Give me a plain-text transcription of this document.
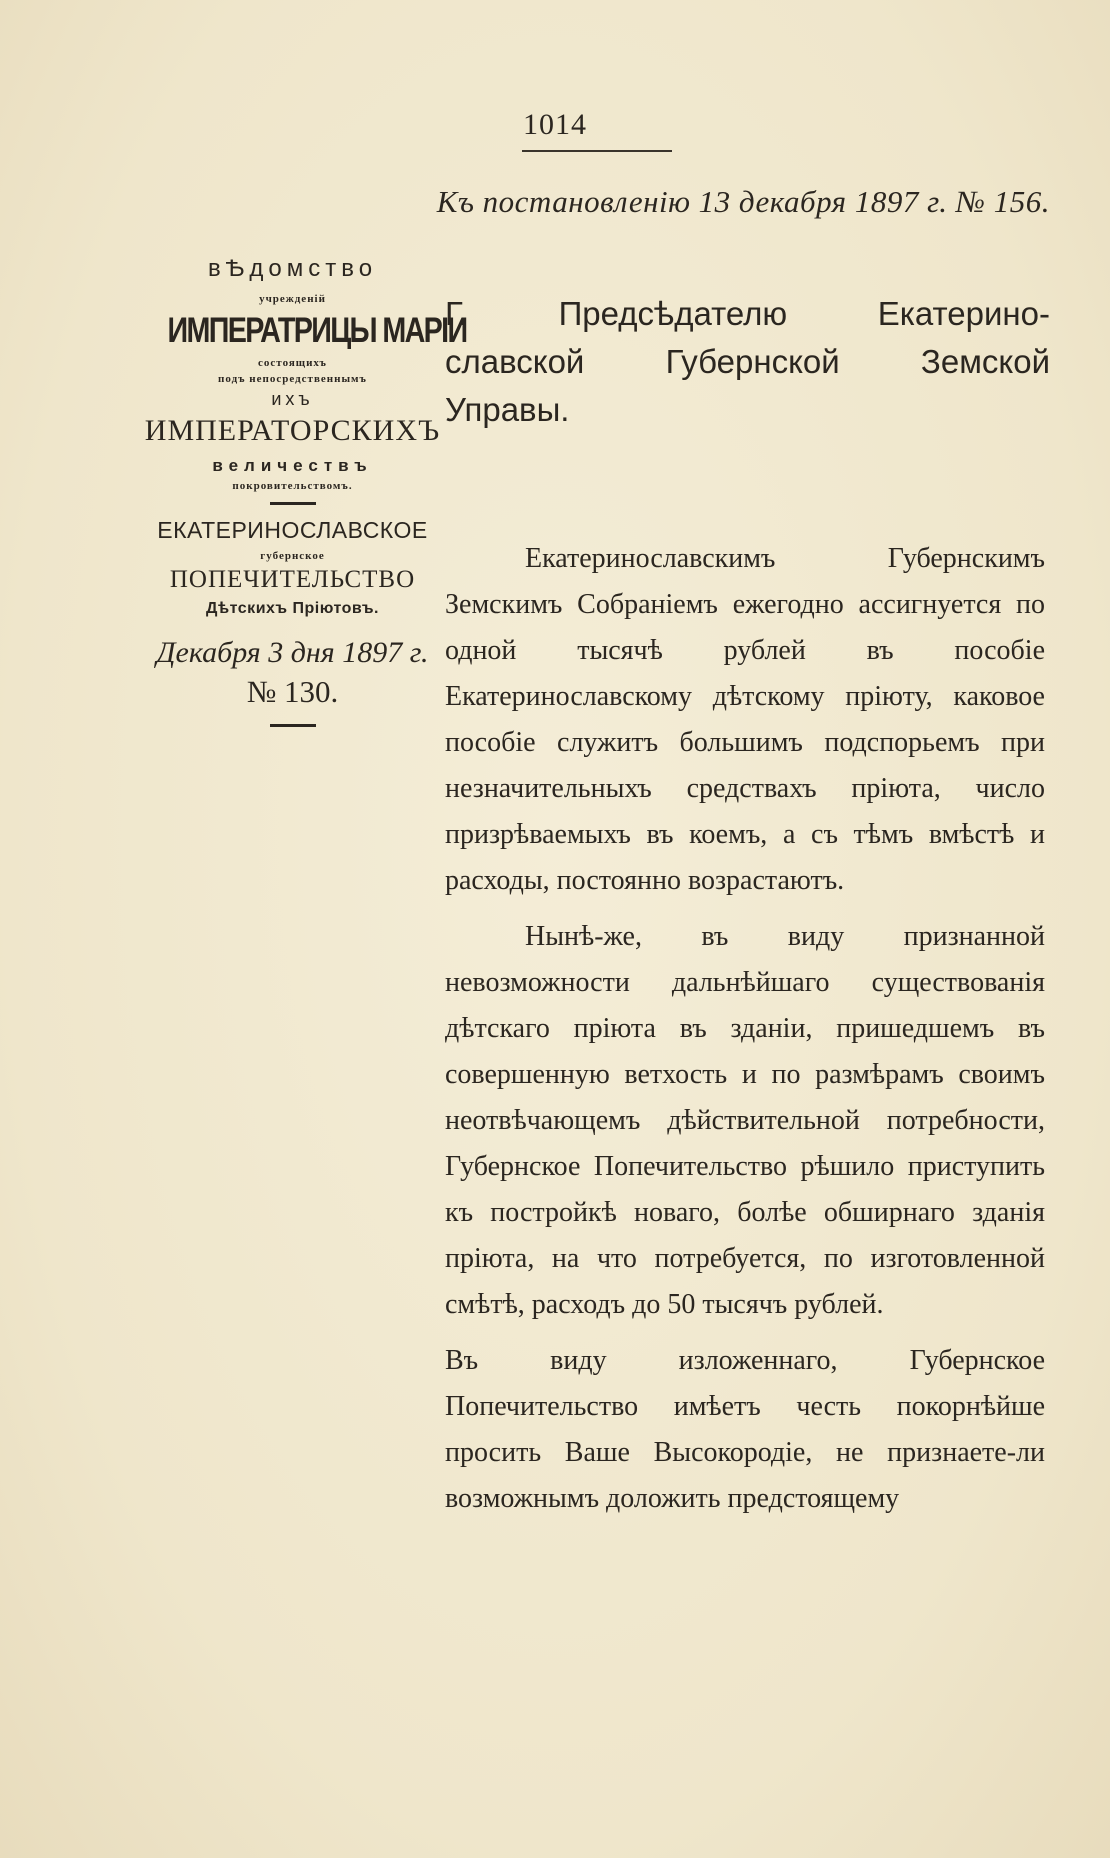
1014
Къ постановленію 13 декабря 1897 г. № 156.
вѢдомство
учрежденій
ИМПЕРАТРИЦЫ МАРІИ
состоящихъ
подъ непосредственнымъ
ихъ
ИМПЕРАТОРСКИХЪ
величествъ
покровительствомъ.
ЕКАТЕРИНОСЛАВСКОЕ
губернское
ПОПЕЧИТЕЛЬСТВО
Дѣтскихъ Пріютовъ.
Декабря 3 дня 1897 г.
№ 130.

Г. Предсѣдателю Екатерино-

славской Губернской Земской

Управы.

Екатеринославскимъ Губернскимъ Земскимъ Собраніемъ ежегодно ассигнуется по одной тысячѣ рублей въ пособіе Екатеринославскому дѣтскому пріюту, каковое пособіе служитъ большимъ подспорьемъ при незначительныхъ средствахъ пріюта, число призрѣваемыхъ въ коемъ, а съ тѣмъ вмѣстѣ и расходы, постоянно возрастаютъ.

Нынѣ-же, въ виду признанной невозможности дальнѣйшаго существованія дѣтскаго пріюта въ зданіи, пришедшемъ въ совершенную ветхость и по размѣрамъ своимъ неотвѣчающемъ дѣйствительной потребности, Губернское Попечительство рѣшило приступить къ постройкѣ новаго, болѣе обширнаго зданія пріюта, на что потребуется, по изготовленной смѣтѣ, расходъ до 50 тысячъ рублей.

Въ виду изложеннаго, Губернское Попечительство имѣетъ честь покорнѣйше просить Ваше Высокородіе, не признаете-ли возможнымъ доложить предстоящему
